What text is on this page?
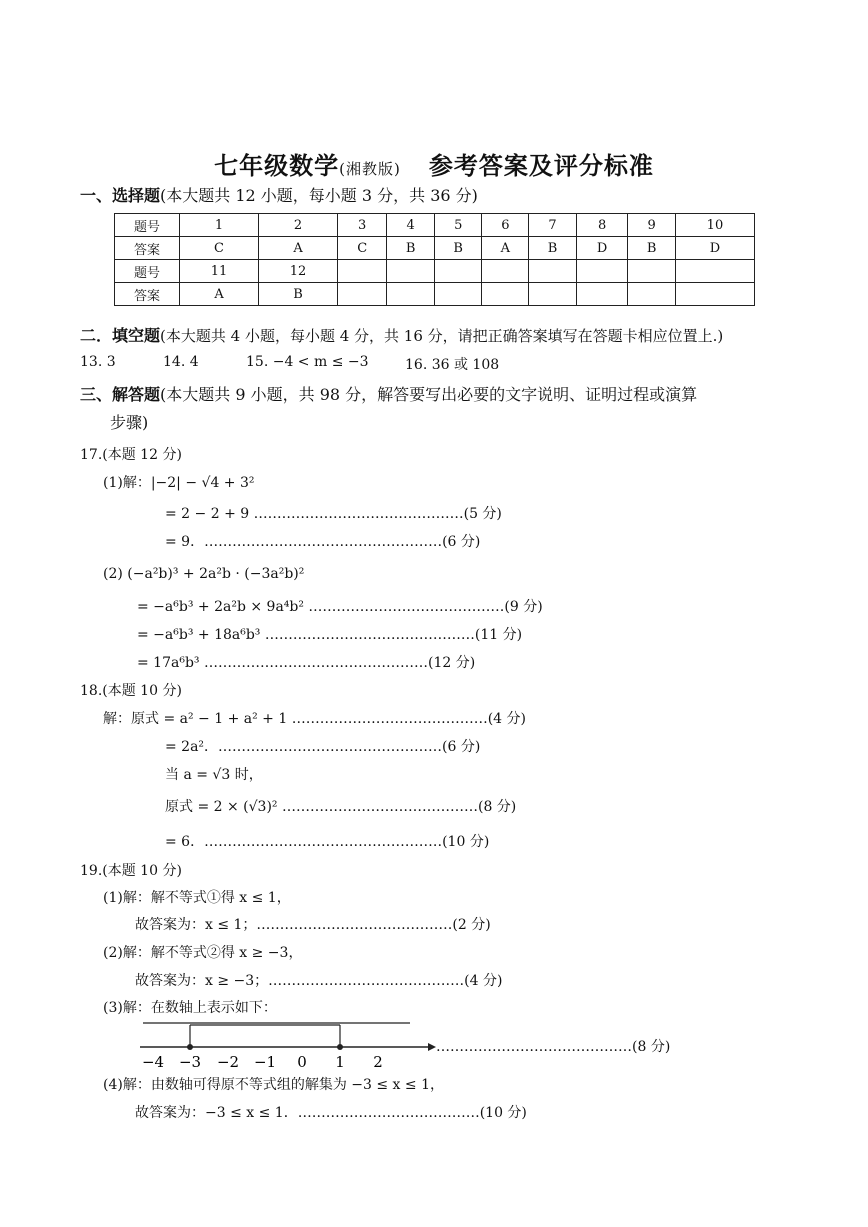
七年级数学(湘教版) 参考答案及评分标准
一、选择题(本大题共 12 小题，每小题 3 分，共 36 分)
题号	1	2	3	4	5	6	7	8	9	10
答案	C	A	C	B	B	A	B	D	B	D
题号	11	12								
答案	A	B								
二．填空题(本大题共 4 小题，每小题 4 分，共 16 分，请把正确答案填写在答题卡相应位置上.)
13. 3	14. 4	15. −4 < m ≤ −3	16. 36 或 108
三、解答题(本大题共 9 小题，共 98 分，解答要写出必要的文字说明、证明过程或演算
步骤)
17.(本题 12 分)
(1)解：|−2| − √4 + 3²
= 2 − 2 + 9 ………………………………………(5 分)
= 9．……………………………………………(6 分)
(2) (−a²b)³ + 2a²b · (−3a²b)²
= −a⁶b³ + 2a²b × 9a⁴b² ……………………………………(9 分)
= −a⁶b³ + 18a⁶b³ ………………………………………(11 分)
= 17a⁶b³ …………………………………………(12 分)
18.(本题 10 分)
解：原式 = a² − 1 + a² + 1 ……………………………………(4 分)
= 2a²．…………………………………………(6 分)
当 a = √3 时，
原式 = 2 × (√3)² ……………………………………(8 分)
= 6．……………………………………………(10 分)
19.(本题 10 分)
(1)解：解不等式①得 x ≤ 1，
故答案为：x ≤ 1；……………………………………(2 分)
(2)解：解不等式②得 x ≥ −3，
故答案为：x ≥ −3；……………………………………(4 分)
(3)解：在数轴上表示如下：
−4 −3 −2 −1 0 1 2
……………………………………(8 分)
(4)解：由数轴可得原不等式组的解集为 −3 ≤ x ≤ 1，
故答案为：−3 ≤ x ≤ 1．…………………………………(10 分)
